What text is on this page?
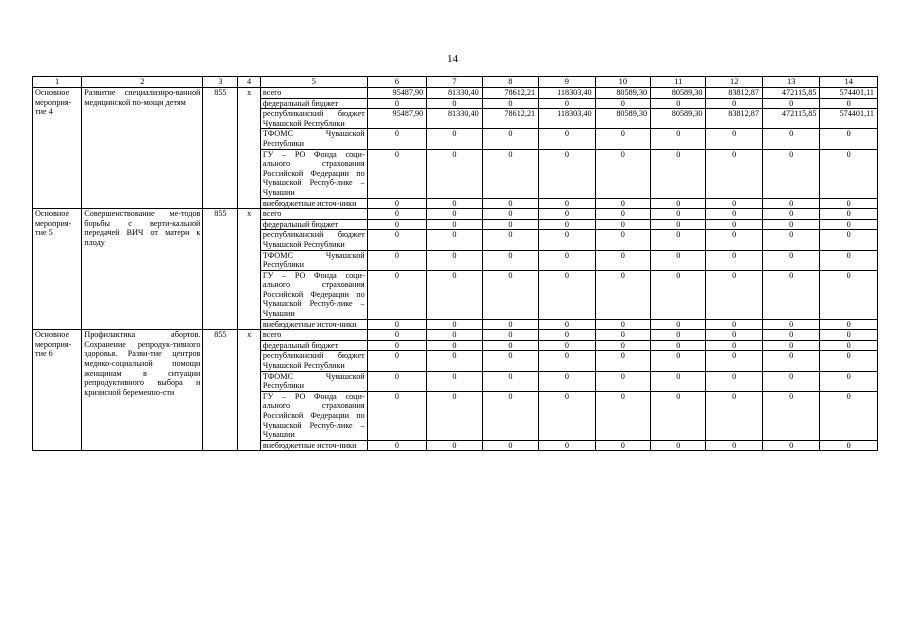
14
1	2	3	4	5	6	7	8	9	10	11	12	13	14
Основное мероприя-тие 4	Развитие специализиро-ванной медицинской по-мощи детям	855	x	всего	95487,90	81330,40	78612,21	118303,40	80589,30	80589,30	83812,87	472115,85	574401,11
				федеральный бюджет	0	0	0	0	0	0	0	0	0
				республиканский бюджет Чувашской Республики	95487,90	81330,40	78612,21	118303,40	80589,30	80589,30	83812,87	472115,85	574401,11
				ТФОМС Чувашской Республики	0	0	0	0	0	0	0	0	0
				ГУ – РО Фонда соци-ального страхования Российской Федерации по Чувашской Респуб-лике – Чувашии	0	0	0	0	0	0	0	0	0
				внебюджетные источ-ники	0	0	0	0	0	0	0	0	0
Основное мероприя-тие 5	Совершенствование ме-тодов борьбы с верти-кальной передачей ВИЧ от матери к плоду	855	x	всего	0	0	0	0	0	0	0	0	0
				федеральный бюджет	0	0	0	0	0	0	0	0	0
				республиканский бюджет Чувашской Республики	0	0	0	0	0	0	0	0	0
				ТФОМС Чувашской Республики	0	0	0	0	0	0	0	0	0
				ГУ – РО Фонда соци-ального страхования Российской Федерации по Чувашской Респуб-лике – Чувашии	0	0	0	0	0	0	0	0	0
				внебюджетные источ-ники	0	0	0	0	0	0	0	0	0
Основное мероприя-тие 6	Профилактика абортов. Сохранение репродук-тивного здоровья. Разви-тие центров медико-социальной помощи женщинам в ситуации репродуктивного выбора и кризисной беременно-сти	855	x	всего	0	0	0	0	0	0	0	0	0
				федеральный бюджет	0	0	0	0	0	0	0	0	0
				республиканский бюджет Чувашской Республики	0	0	0	0	0	0	0	0	0
				ТФОМС Чувашской Республики	0	0	0	0	0	0	0	0	0
				ГУ – РО Фонда соци-ального страхования Российской Федерации по Чувашской Респуб-лике – Чувашии	0	0	0	0	0	0	0	0	0
				внебюджетные источ-ники	0	0	0	0	0	0	0	0	0
